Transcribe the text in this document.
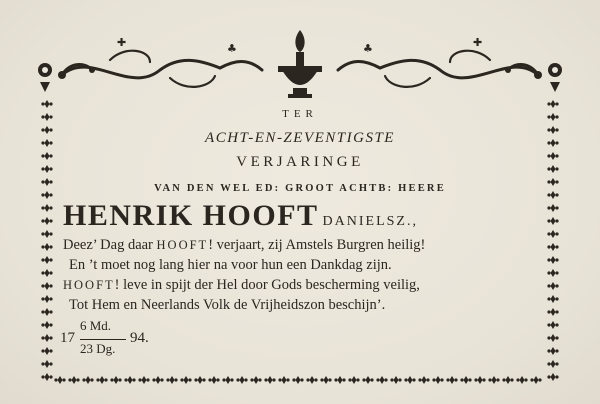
✚	♣	♣	✚
TER
ACHT-EN-ZEVENTIGSTE
VERJARINGE
VAN DEN WEL ED: GROOT ACHTB: HEERE
HENRIK HOOFT DANIELSZ.,
Deez’ Dag daar HOOFT! verjaart, zij Amstels Burgren heilig!
En ’t moet nog lang hier na voor hun een Dankdag zijn.
HOOFT! leve in spijt der Hel door Gods bescherming veilig,
Tot Hem en Neerlands Volk de Vrijheidszon beschijn’.
17
6 Md.
23 Dg.
94.
